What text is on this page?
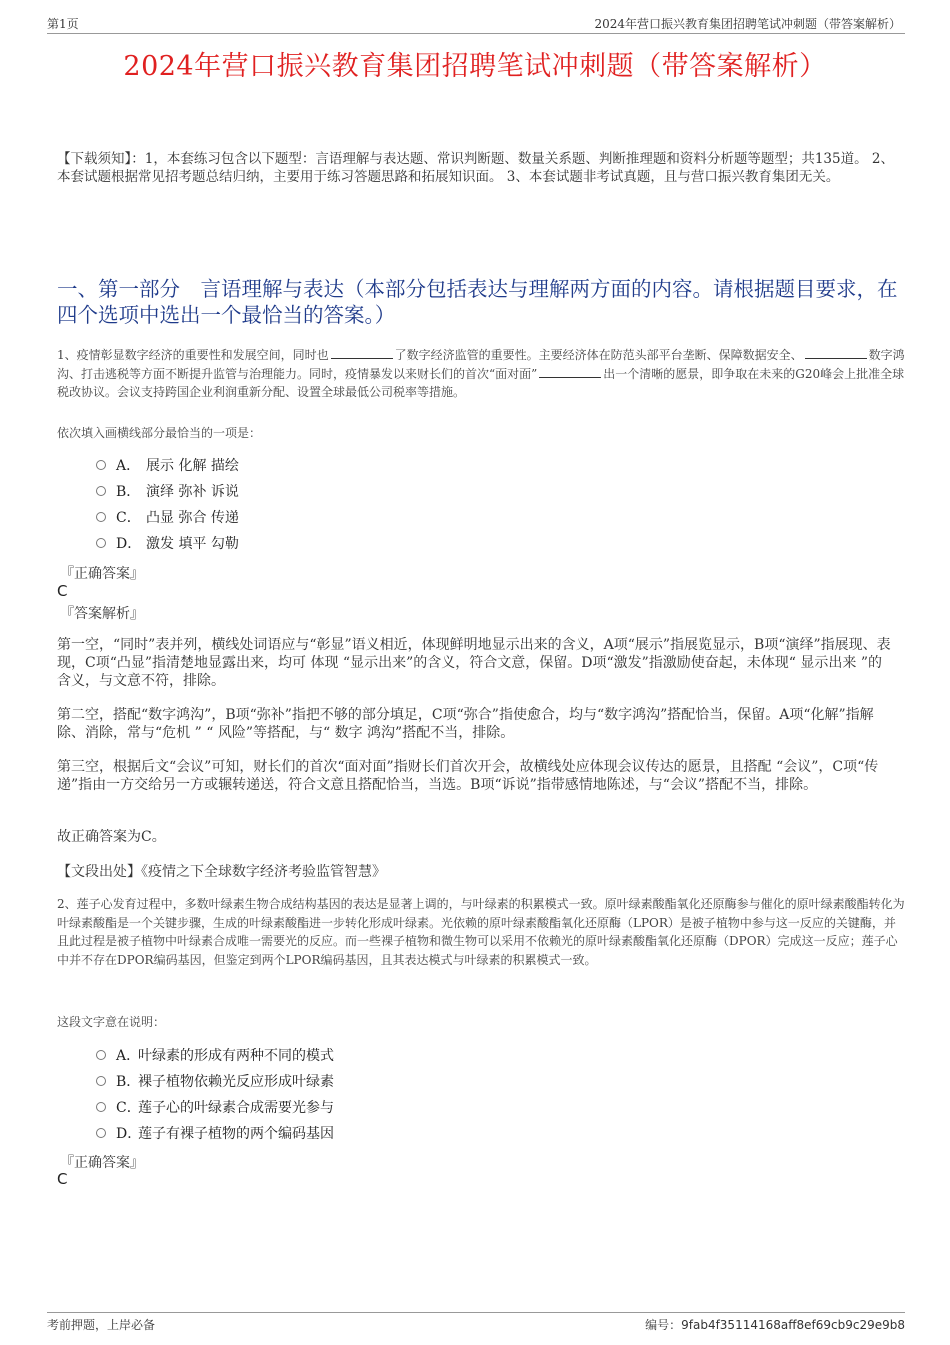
第1页	2024年营口振兴教育集团招聘笔试冲刺题（带答案解析）
2024年营口振兴教育集团招聘笔试冲刺题（带答案解析）
【下载须知】：1，本套练习包含以下题型：言语理解与表达题、常识判断题、数量关系题、判断推理题和资料分析题等题型；共135道。 2、本套试题根据常见招考题总结归纳，主要用于练习答题思路和拓展知识面。 3、本套试题非考试真题，且与营口振兴教育集团无关。
一、第一部分　言语理解与表达（本部分包括表达与理解两方面的内容。请根据题目要求，在四个选项中选出一个最恰当的答案。）
1、疫情彰显数字经济的重要性和发展空间，同时也	了数字经济监管的重要性。主要经济体在防范头部平台垄断、保障数据安全、	数字鸿沟、打击逃税等方面不断提升监管与治理能力。同时，疫情暴发以来财长们的首次“面对面”	出一个清晰的愿景，即争取在未来的G20峰会上批准全球税改协议。会议支持跨国企业利润重新分配、设置全球最低公司税率等措施。
依次填入画横线部分最恰当的一项是：
A． 展示 化解 描绘
B． 演绎 弥补 诉说
C． 凸显 弥合 传递
D． 激发 填平 勾勒
『正确答案』
C
『答案解析』
第一空，“同时”表并列，横线处词语应与“彰显”语义相近，体现鲜明地显示出来的含义，A项“展示”指展览显示，B项“演绎”指展现、表现，C项“凸显”指清楚地显露出来，均可 体现 “显示出来”的含义，符合文意，保留。D项“激发”指激励使奋起，未体现“ 显示出来 ”的含义，与文意不符，排除。
第二空，搭配“数字鸿沟”，B项“弥补”指把不够的部分填足，C项“弥合”指使愈合，均与“数字鸿沟”搭配恰当，保留。A项“化解”指解除、消除，常与“危机 ” “ 风险”等搭配，与“ 数字 鸿沟”搭配不当，排除。
第三空，根据后文“会议”可知，财长们的首次“面对面”指财长们首次开会，故横线处应体现会议传达的愿景，且搭配 “会议”，C项“传递”指由一方交给另一方或辗转递送，符合文意且搭配恰当，当选。B项“诉说”指带感情地陈述，与“会议”搭配不当，排除。
故正确答案为C。
【文段出处】《疫情之下全球数字经济考验监管智慧》
2、莲子心发育过程中，多数叶绿素生物合成结构基因的表达是显著上调的，与叶绿素的积累模式一致。原叶绿素酸酯氧化还原酶参与催化的原叶绿素酸酯转化为叶绿素酸酯是一个关键步骤，生成的叶绿素酸酯进一步转化形成叶绿素。光依赖的原叶绿素酸酯氧化还原酶（LPOR）是被子植物中参与这一反应的关键酶，并且此过程是被子植物中叶绿素合成唯一需要光的反应。而一些裸子植物和微生物可以采用不依赖光的原叶绿素酸酯氧化还原酶（DPOR）完成这一反应；莲子心中并不存在DPOR编码基因，但鉴定到两个LPOR编码基因，且其表达模式与叶绿素的积累模式一致。
这段文字意在说明：
A．
叶绿素的形成有两种不同的模式
B．
裸子植物依赖光反应形成叶绿素
C．
莲子心的叶绿素合成需要光参与
D．
莲子有裸子植物的两个编码基因
『正确答案』
C
考前押题，上岸必备	编号：9fab4f35114168aff8ef69cb9c29e9b8
